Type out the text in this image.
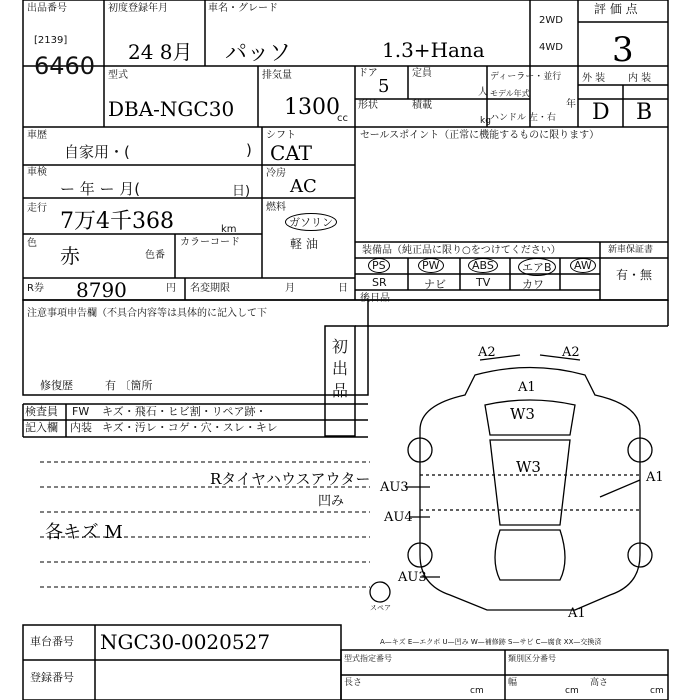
出品番号
[2139]
6460
初度登録年月
24 8月
車名・グレード
パッソ	1.3+Hana
2WD
4WD
評 価 点
3
型式
DBA-NGC30
排気量
1300
cc
ドア
5
形状
定員
人
積載
kg
ディーラー・並行
モデル年式
年
ハンドル 左・右
外 装 内 装
D B
車歴
自家用・(	)
車検
ー 年 ー 月(	日)
走行
7万4千368	km
色
赤	色番
カラーコード
シフト
CAT
冷房
AC
燃料
ガソリン
軽 油
R券 8790	円 名変期限	月	日
セールスポイント（正常に機能するものに限ります）
装備品（純正品に限り○をつけてください）	新車保証書
有・無
PS	PW	ABS	エアB	AW
SR	ナビ	TV	カワ
後日品
注意事項申告欄（不具合内容等は具体的に記入して下
初出品
修復歴	有 〔箇所
検査員
記入欄
FW キズ・飛石・ヒビ割・リペア跡・
内装 キズ・汚レ・コゲ・穴・スレ・キレ
Rタイヤハウスアウター
凹み
各キズ M
A2	A2
A1
W3
W3
A1
AU3
AU4
AU3
A1
スペア
A—キズ E—エクボ U—凹み W—補修跡 S—サビ C—腐食 XX—交換済
車台番号 NGC30-0020527
登録番号
型式指定番号	類別区分番号
長さ
cm
幅
cm
高さ
cm
